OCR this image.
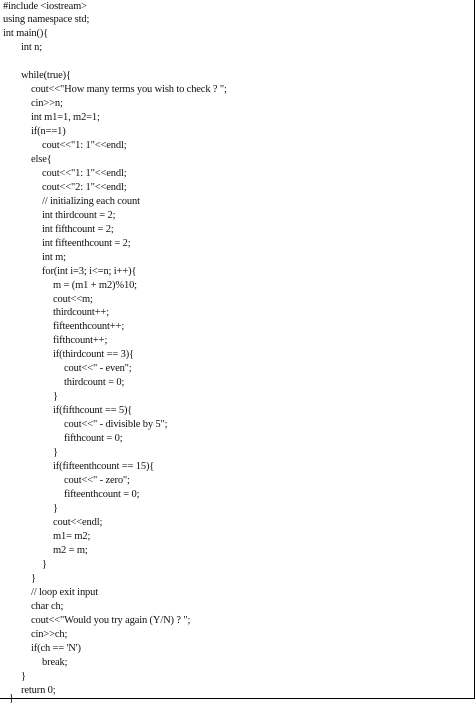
#include <iostream>
using namespace std;
int main(){
int n;
while(true){
cout<<"How many terms you wish to check ? ";
cin>>n;
int m1=1, m2=1;
if(n==1)
cout<<"1: 1"<<endl;
else{
cout<<"1: 1"<<endl;
cout<<"2: 1"<<endl;
// initializing each count
int thirdcount = 2;
int fifthcount = 2;
int fifteenthcount = 2;
int m;
for(int i=3; i<=n; i++){
m = (m1 + m2)%10;
cout<<m;
thirdcount++;
fifteenthcount++;
fifthcount++;
if(thirdcount == 3){
cout<<" - even";
thirdcount = 0;
}
if(fifthcount == 5){
cout<<" - divisible by 5";
fifthcount = 0;
}
if(fifteenthcount == 15){
cout<<" - zero";
fifteenthcount = 0;
}
cout<<endl;
m1= m2;
m2 = m;
}
}
// loop exit input
char ch;
cout<<"Would you try again (Y/N) ? ";
cin>>ch;
if(ch == 'N')
break;
}
return 0;
}
